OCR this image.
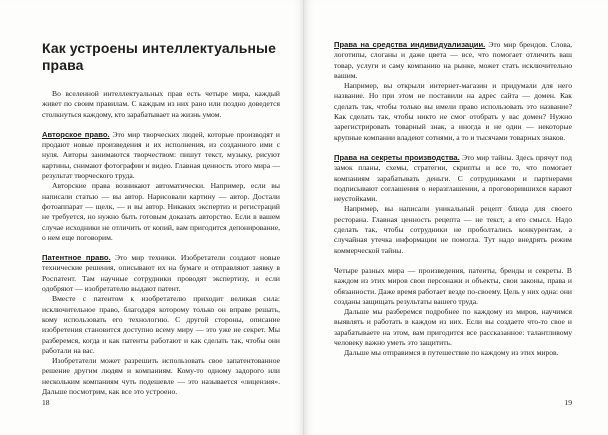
Как устроены интеллектуальные права

Во вселенной интеллектуальных прав есть четыре мира, каждый живет по своим правилам. С каждым из них рано или поздно доведется столкнуться каждому, кто зарабатывает на жизнь умом.

Авторское право. Это мир творческих людей, которые производят и продают новые произведения и их исполнения, из созданного ими с нуля. Авторы занимаются творчеством: пишут текст, музыку, рисуют картины, снимают фотографии и видео. Главная ценность этого мира — результат творческого труда.

Авторские права возникают автоматически. Например, если вы написали статью — вы автор. Нарисовали картину — автор. Достали фотоаппарат — щелк, — и вы автор. Никаких экспертиз и регистраций не требуется, но нужно быть готовым доказать авторство. Если в вашем случае исходники не отличить от копий, вам пригодится депонирование, о нем еще поговорим.

Патентное право. Это мир техники. Изобретатели создают новые технические решения, описывают их на бумаге и отправляют заявку в Роспатент. Там научные сотрудники проводят экспертизу, и если одобряют — изобретателю выдают патент.

Вместе с патентом к изобретателю приходит великая сила: исключительное право, благодаря которому только он вправе решать, кому использовать его технологию. С другой стороны, описание изобретения становится доступно всему миру — это уже не секрет. Мы разберемся, когда и как патенты работают и как сделать так, чтобы они работали на вас.

Изобретатели может разрешить использовать свое запатентованное решение другим людям и компаниям. Кому-то одному задорого или нескольким компаниям чуть подешевле — это называется «лицензия». Дальше посмотрим, как все это устроено.

18

Права на средства индивидуализации. Это мир брендов. Слова, логотипы, слоганы и даже цвета — все, что помогает отличить ваш товар, услуги и саму компанию на рынке, может стать исключительно вашим.

Например, вы открыли интернет-магазин и придумали для него название. Но при этом не поставили на адрес сайта — домен. Как сделать так, чтобы только вы имели право использовать это название? Как сделать так, чтобы никто не смог отобрать у вас домен? Нужно зарегистрировать товарный знак, а иногда и не один — некоторые крупные компании владеют сотнями, а то и тысячами товарных знаков.

Права на секреты производства. Это мир тайны. Здесь прячут под замок планы, схемы, стратегии, скрипты и все то, что помогает компаниям зарабатывать деньги. С сотрудниками и партнерами подписывают соглашения о неразглашении, а проговорившихся карают неустойками.

Например, вы написали уникальный рецепт блюда для своего ресторана. Главная ценность рецепта — не текст, а его смысл. Надо сделать так, чтобы сотрудники не проболтались конкурентам, а случайная утечка информации не помогла. Тут надо внедрять режим коммерческой тайны.

Четыре разных мира — произведения, патенты, бренды и секреты. В каждом из этих миров свои персонажи и объекты, свои законы, права и обязанности. Даже время работает везде по-своему. Цель у них одна: они созданы защищать результаты вашего труда.

Дальше мы разберемся подробнее по каждому из миров, научимся выявлять и работать в каждом из них. Если вы создаете что-то свое и зарабатываете на этом, вам пригодится все рассказанное: талантливому человеку важно уметь это защитить.

Дальше мы отправимся в путешествие по каждому из этих миров.

19
